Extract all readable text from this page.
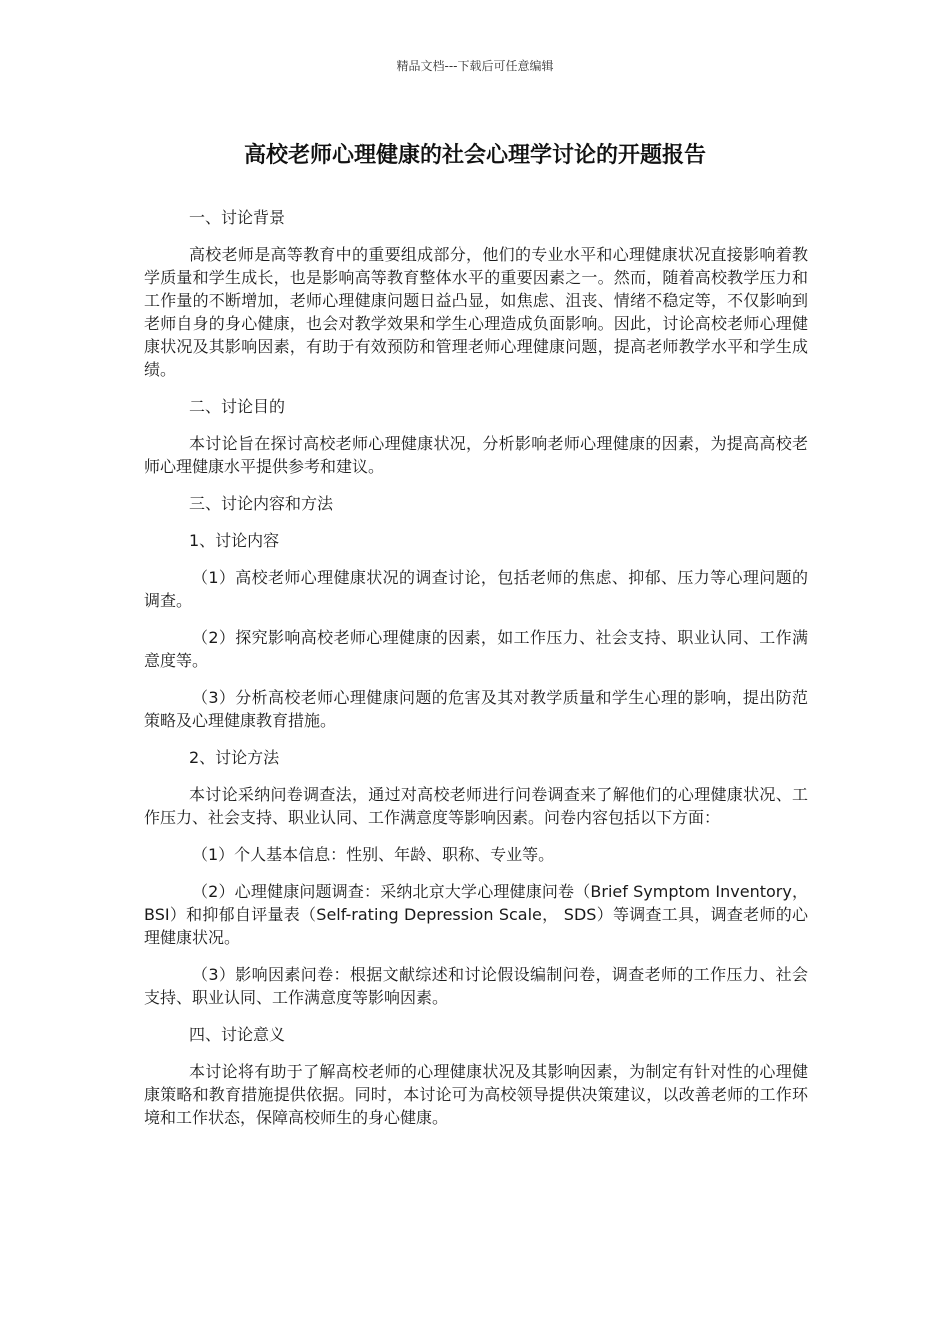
精品文档---下载后可任意编辑
高校老师心理健康的社会心理学讨论的开题报告
一、讨论背景

高校老师是高等教育中的重要组成部分，他们的专业水平和心理健康状况直接影响着教学质量和学生成长，也是影响高等教育整体水平的重要因素之一。然而，随着高校教学压力和工作量的不断增加，老师心理健康问题日益凸显，如焦虑、沮丧、情绪不稳定等，不仅影响到老师自身的身心健康，也会对教学效果和学生心理造成负面影响。因此，讨论高校老师心理健康状况及其影响因素，有助于有效预防和管理老师心理健康问题，提高老师教学水平和学生成绩。

二、讨论目的

本讨论旨在探讨高校老师心理健康状况，分析影响老师心理健康的因素，为提高高校老师心理健康水平提供参考和建议。

三、讨论内容和方法
1、讨论内容

（1）高校老师心理健康状况的调查讨论，包括老师的焦虑、抑郁、压力等心理问题的调查。

（2）探究影响高校老师心理健康的因素，如工作压力、社会支持、职业认同、工作满意度等。

（3）分析高校老师心理健康问题的危害及其对教学质量和学生心理的影响，提出防范策略及心理健康教育措施。

2、讨论方法

本讨论采纳问卷调查法，通过对高校老师进行问卷调查来了解他们的心理健康状况、工作压力、社会支持、职业认同、工作满意度等影响因素。问卷内容包括以下方面：

（1）个人基本信息：性别、年龄、职称、专业等。

（2）心理健康问题调查：采纳北京大学心理健康问卷（Brief Symptom Inventory， BSI）和抑郁自评量表（Self-rating Depression Scale， SDS）等调查工具，调查老师的心理健康状况。

（3）影响因素问卷：根据文献综述和讨论假设编制问卷，调查老师的工作压力、社会支持、职业认同、工作满意度等影响因素。

四、讨论意义

本讨论将有助于了解高校老师的心理健康状况及其影响因素，为制定有针对性的心理健康策略和教育措施提供依据。同时，本讨论可为高校领导提供决策建议，以改善老师的工作环境和工作状态，保障高校师生的身心健康。
